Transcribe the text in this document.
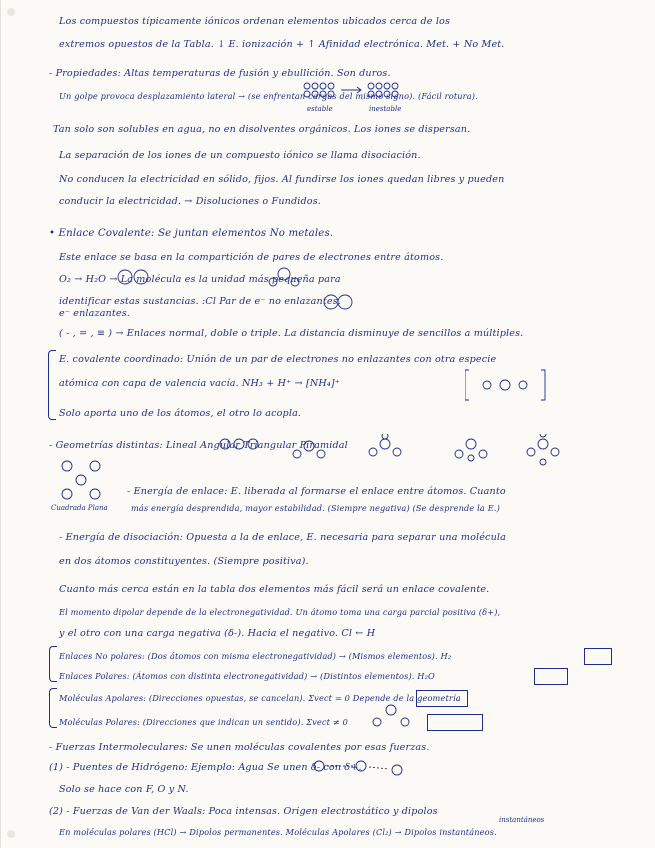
Los compuestos típicamente iónicos ordenan elementos ubicados cerca de los
extremos opuestos de la Tabla. ↓ E. ionización + ↑ Afinidad electrónica. Met. + No Met.
- Propiedades: Altas temperaturas de fusión y ebullición. Son duros.
Un golpe provoca desplazamiento lateral → (se enfrentan cargas del mismo signo). (Fácil rotura).
estable	inestable
Tan solo son solubles en agua, no en disolventes orgánicos. Los iones se dispersan.
La separación de los iones de un compuesto iónico se llama disociación.
No conducen la electricidad en sólido, fijos. Al fundirse los iones quedan libres y pueden
conducir la electricidad. → Disoluciones o Fundidos.
• Enlace Covalente: Se juntan elementos No metales.
Este enlace se basa en la compartición de pares de electrones entre átomos.
O₂ → H₂O → La molécula es la unidad más pequeña para
identificar estas sustancias. :Cl Par de e⁻ no enlazantes.
e⁻ enlazantes.
( - , = , ≡ ) → Enlaces normal, doble o triple. La distancia disminuye de sencillos a múltiples.
E. covalente coordinado: Unión de un par de electrones no enlazantes con otra especie
atómica con capa de valencia vacía. NH₃ + H⁺ → [NH₄]⁺
Solo aporta uno de los átomos, el otro lo acopla.
- Geometrías distintas: Lineal Angular Triangular Piramidal
Cuadrada Plana
- Energía de enlace: E. liberada al formarse el enlace entre átomos. Cuanto
más energía desprendida, mayor estabilidad. (Siempre negativa) (Se desprende la E.)
- Energía de disociación: Opuesta a la de enlace, E. necesaria para separar una molécula
en dos átomos constituyentes. (Siempre positiva).
Cuanto más cerca están en la tabla dos elementos más fácil será un enlace covalente.
El momento dipolar depende de la electronegatividad. Un átomo toma una carga parcial positiva (δ+),
y el otro con una carga negativa (δ-). Hacia el negativo. Cl ← H
Enlaces No polares: (Dos átomos con misma electronegatividad) → (Mismos elementos). H₂
Enlaces Polares: (Átomos con distinta electronegatividad) → (Distintos elementos). H₂O
Moléculas Apolares: (Direcciones opuestas, se cancelan). Σvect = 0 Depende de la geometría
Moléculas Polares: (Direcciones que indican un sentido). Σvect ≠ 0
- Fuerzas Intermoleculares: Se unen moléculas covalentes por esas fuerzas.
(1) - Puentes de Hidrógeno: Ejemplo: Agua Se unen δ- con δ+.
Solo se hace con F, O y N.
(2) - Fuerzas de Van der Waals: Poca intensas. Origen electrostático y dipolos
instantáneos
En moléculas polares (HCl) → Dipolos permanentes. Moléculas Apolares (Cl₂) → Dipolos instantáneos.
